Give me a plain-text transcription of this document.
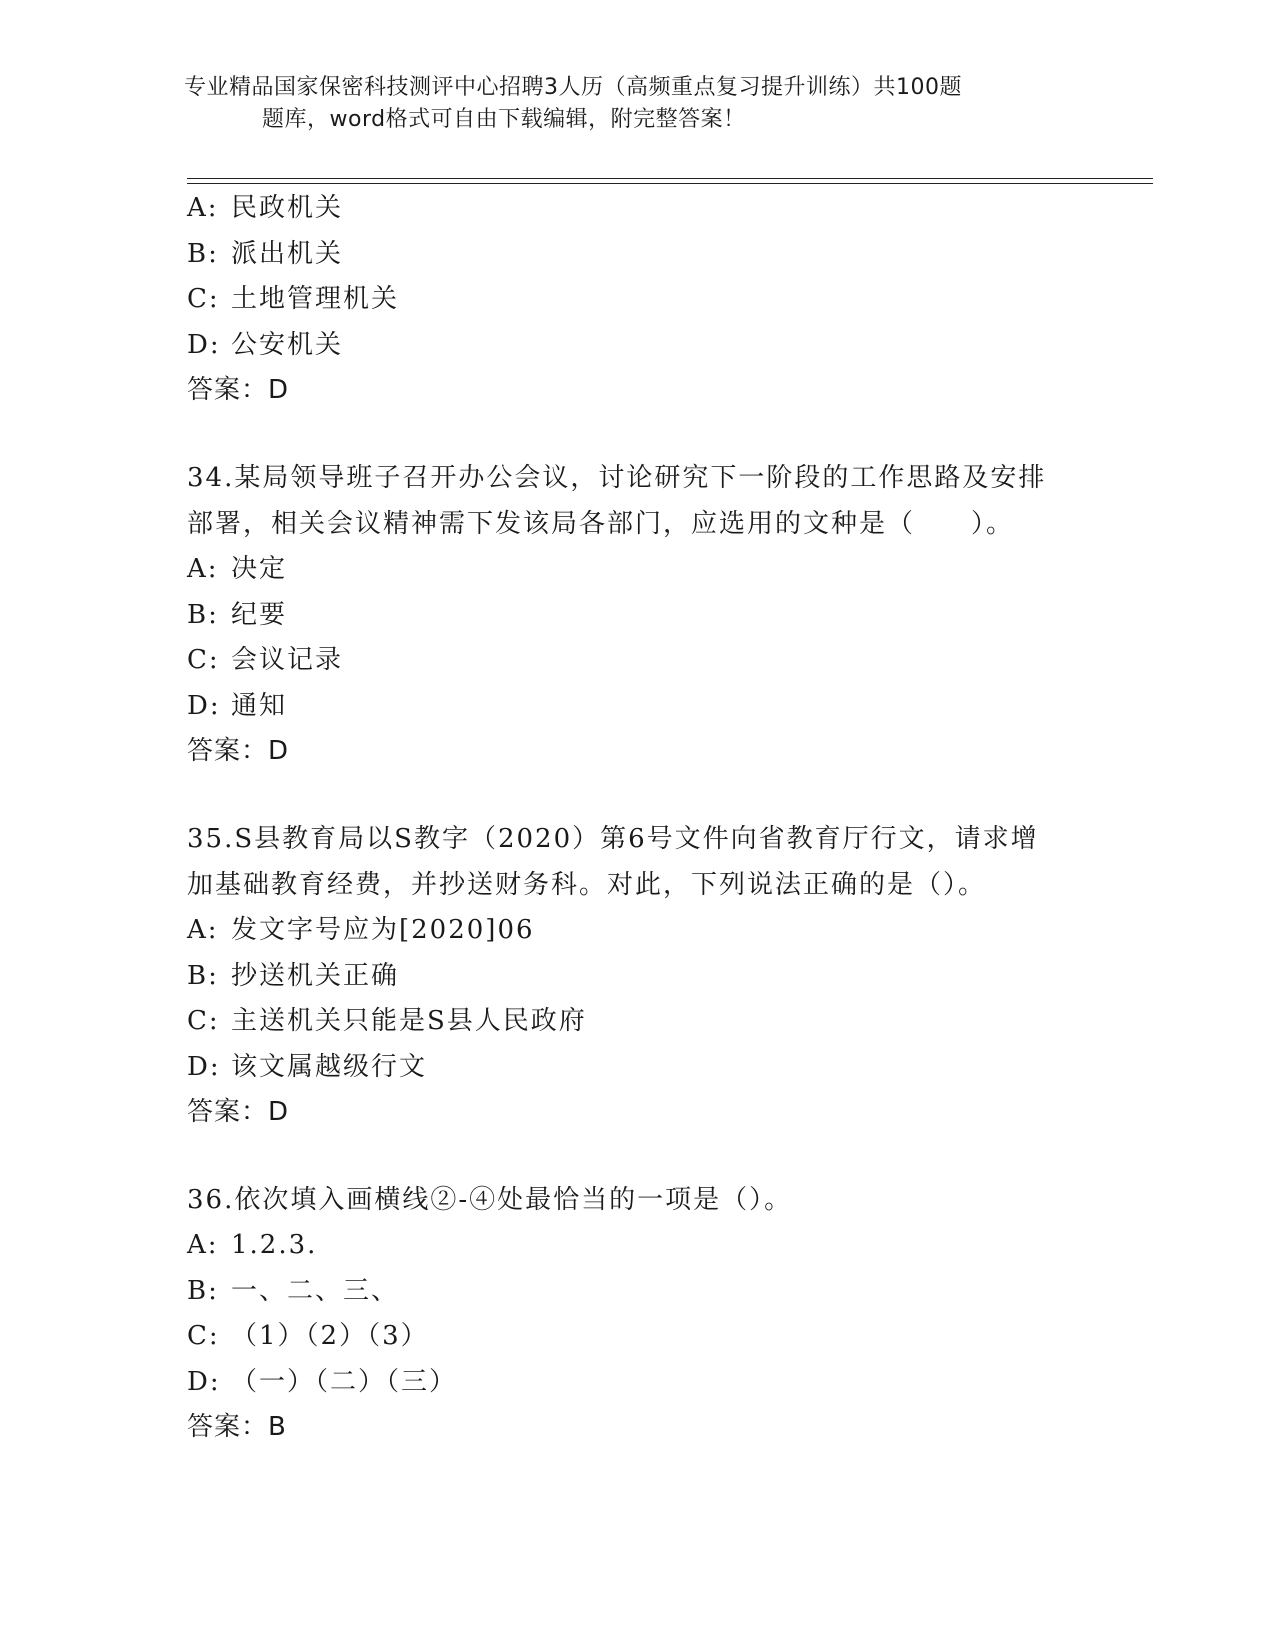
专业精品国家保密科技测评中心招聘3人历（高频重点复习提升训练）共100题
题库，word格式可自由下载编辑，附完整答案！
A: 民政机关
B: 派出机关
C: 土地管理机关
D: 公安机关
答案：D
34.某局领导班子召开办公会议，讨论研究下一阶段的工作思路及安排
部署，相关会议精神需下发该局各部门，应选用的文种是（　　）。
A: 决定
B: 纪要
C: 会议记录
D: 通知
答案：D
35.S县教育局以S教字（2020）第6号文件向省教育厅行文，请求增
加基础教育经费，并抄送财务科。对此，下列说法正确的是（）。
A: 发文字号应为[2020]06
B: 抄送机关正确
C: 主送机关只能是S县人民政府
D: 该文属越级行文
答案：D
36.依次填入画横线②-④处最恰当的一项是（）。
A: 1.2.3.
B: 一、二、三、
C: （1）（2）（3）
D: （一）（二）（三）
答案：B
